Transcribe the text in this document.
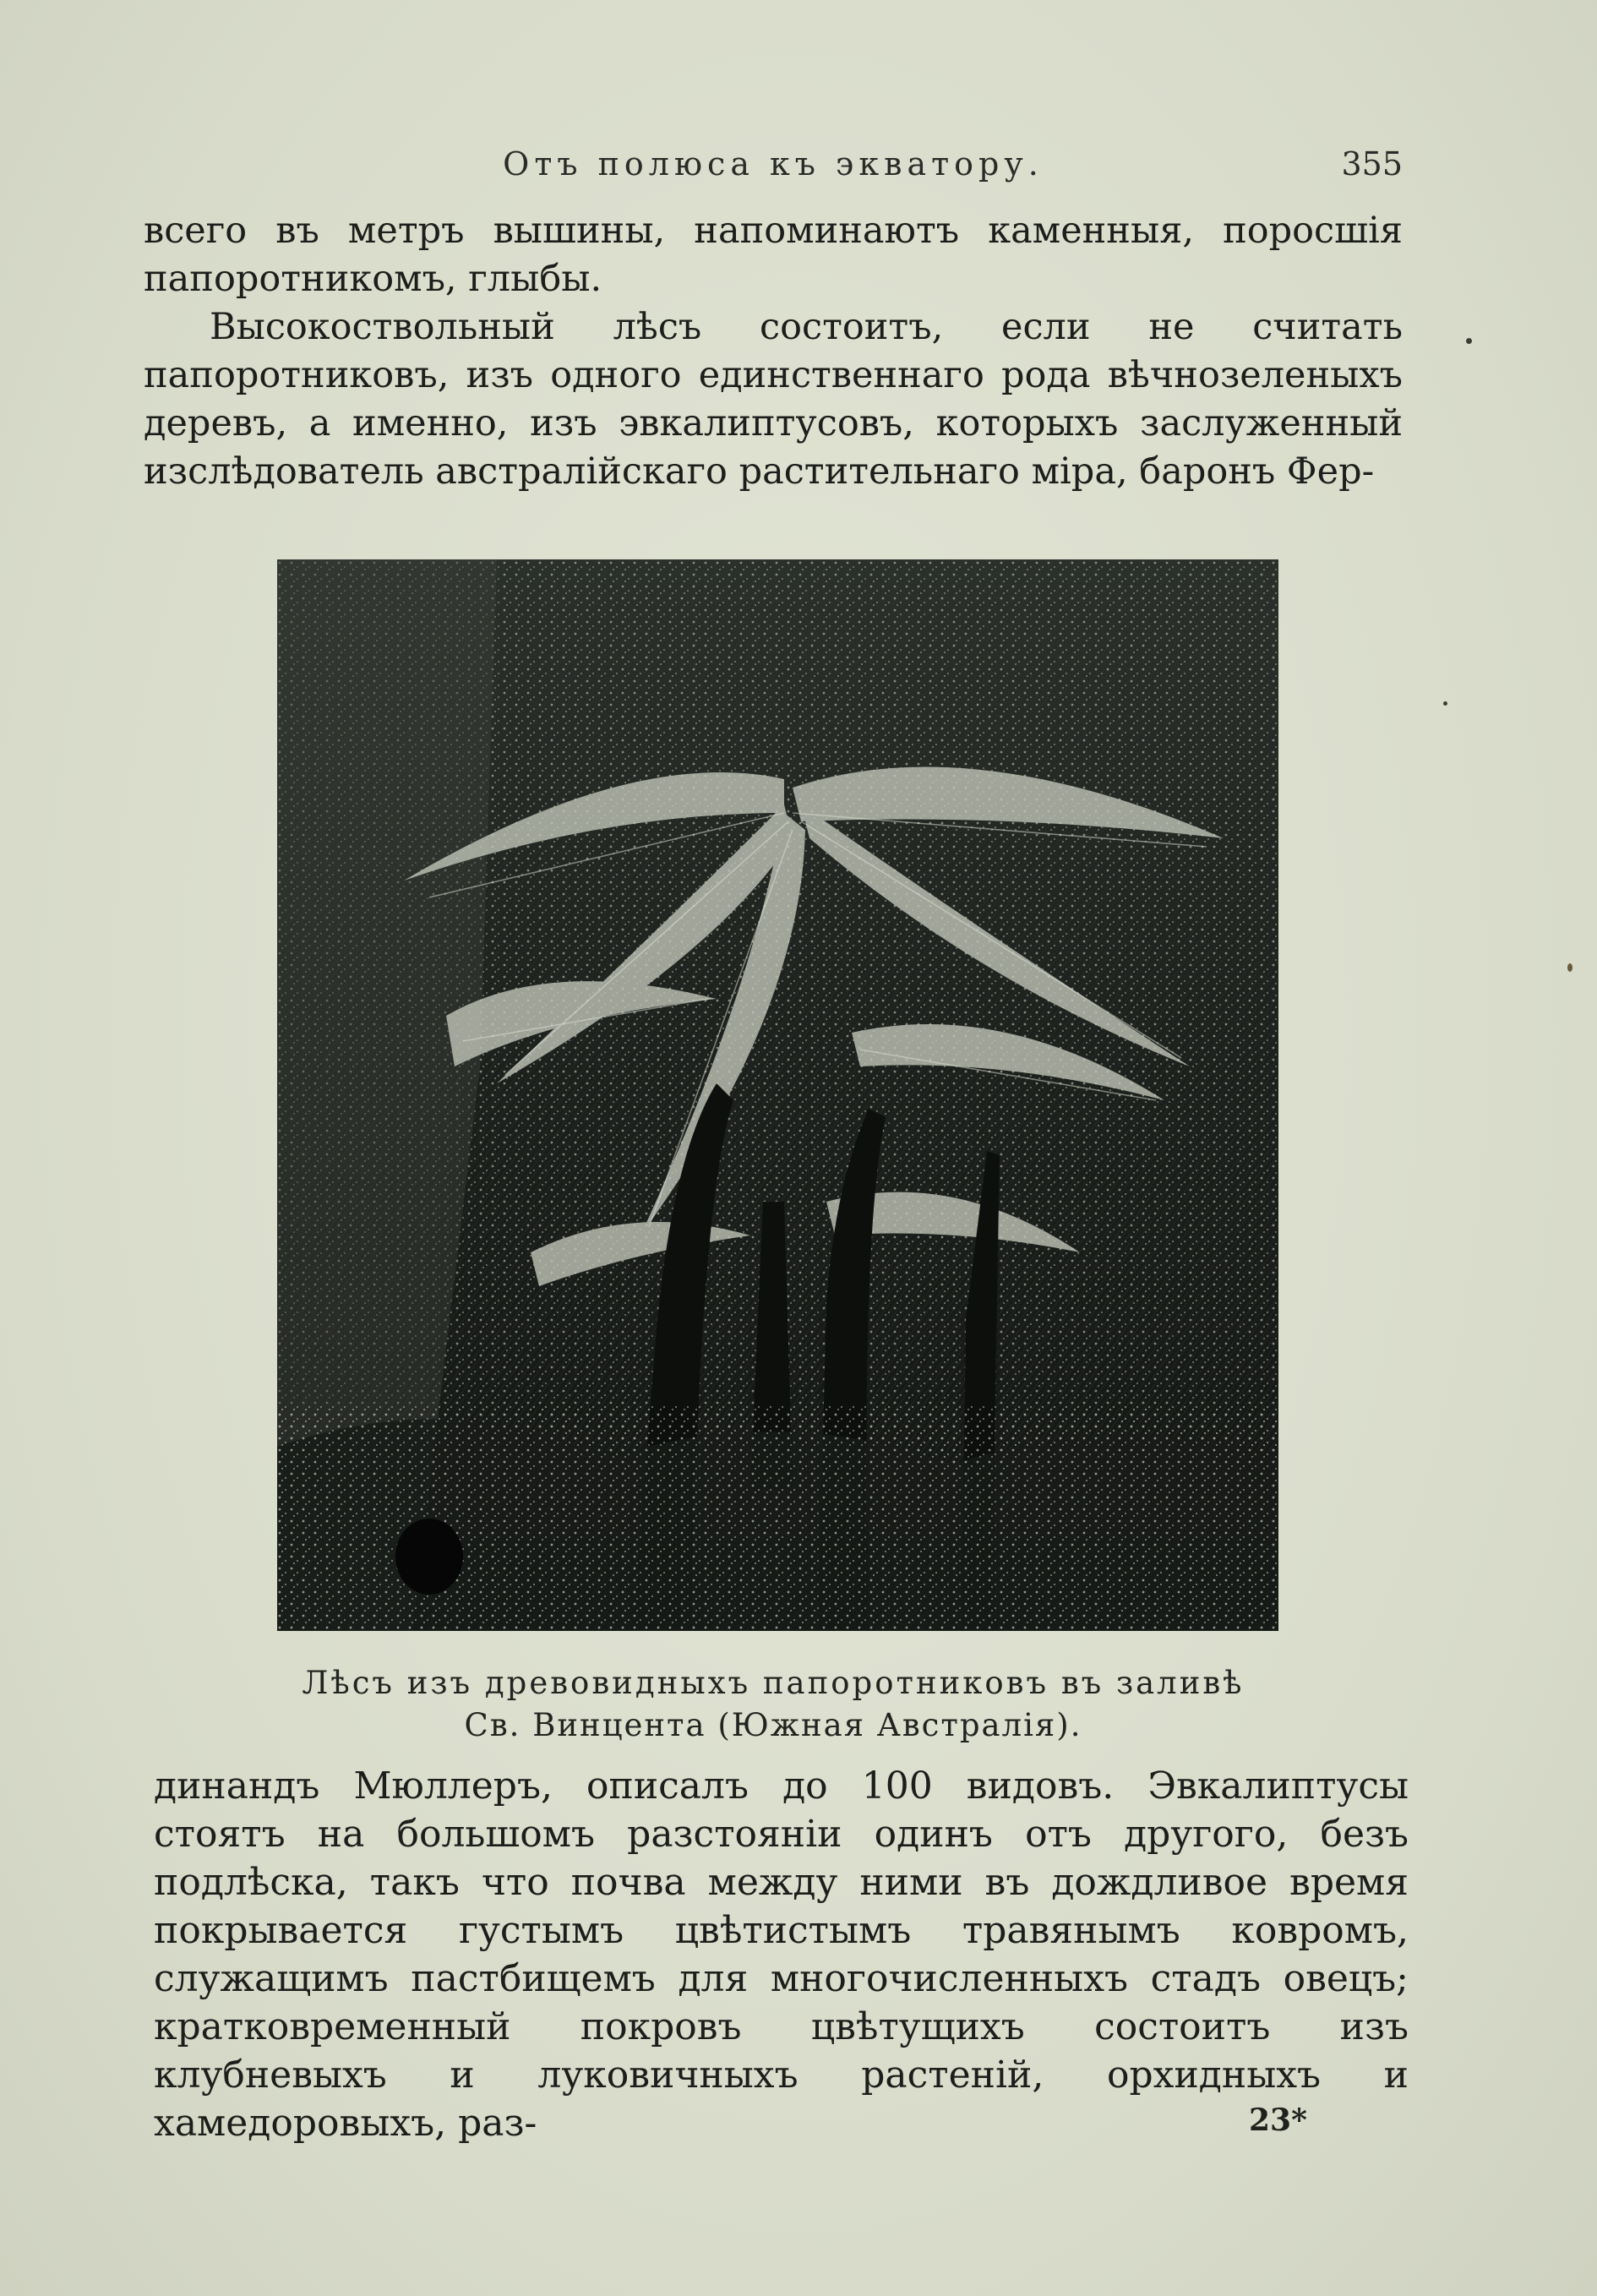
Отъ полюса къ экватору.	355

всего въ метръ вышины, напоминаютъ каменныя, поросшія папоротникомъ, глыбы.

Высокоствольный лѣсъ состоитъ, если не считать папоротниковъ, изъ одного единственнаго рода вѣчнозеленыхъ деревъ, а именно, изъ эвкалиптусовъ, которыхъ заслуженный изслѣдователь австралійскаго растительнаго міра, баронъ Фер-

Лѣсъ изъ древовидныхъ папоротниковъ въ заливѣ
Св. Винцента (Южная Австралія).

динандъ Мюллеръ, описалъ до 100 видовъ. Эвкалиптусы стоятъ на большомъ разстояніи одинъ отъ другого, безъ подлѣска, такъ что почва между ними въ дождливое время покрывается густымъ цвѣтистымъ травянымъ ковромъ, служащимъ пастбищемъ для многочисленныхъ стадъ овецъ; кратковременный покровъ цвѣтущихъ состоитъ изъ клубневыхъ и луковичныхъ растеній, орхидныхъ и хамедоровыхъ, раз-	23*
